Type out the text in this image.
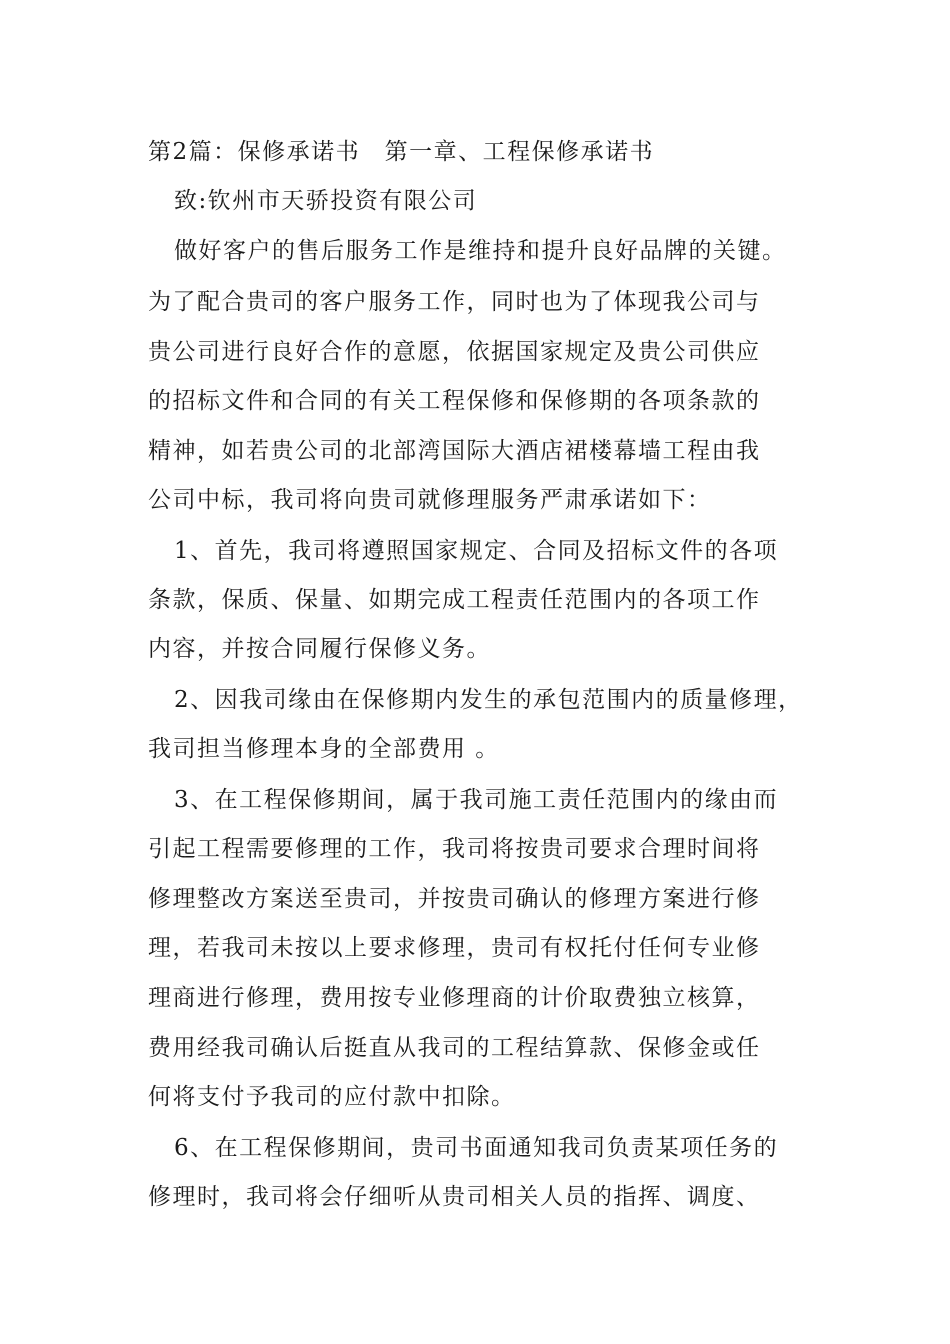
第2篇：保修承诺书　第一章、工程保修承诺书
致:钦州市天骄投资有限公司
做好客户的售后服务工作是维持和提升良好品牌的关键。
为了配合贵司的客户服务工作，同时也为了体现我公司与
贵公司进行良好合作的意愿，依据国家规定及贵公司供应
的招标文件和合同的有关工程保修和保修期的各项条款的
精神，如若贵公司的北部湾国际大酒店裙楼幕墙工程由我
公司中标，我司将向贵司就修理服务严肃承诺如下：
1、首先，我司将遵照国家规定、合同及招标文件的各项
条款，保质、保量、如期完成工程责任范围内的各项工作
内容，并按合同履行保修义务。
2、因我司缘由在保修期内发生的承包范围内的质量修理，
我司担当修理本身的全部费用 。
3、在工程保修期间，属于我司施工责任范围内的缘由而
引起工程需要修理的工作，我司将按贵司要求合理时间将
修理整改方案送至贵司，并按贵司确认的修理方案进行修
理，若我司未按以上要求修理，贵司有权托付任何专业修
理商进行修理，费用按专业修理商的计价取费独立核算，
费用经我司确认后挺直从我司的工程结算款、保修金或任
何将支付予我司的应付款中扣除。
6、在工程保修期间，贵司书面通知我司负责某项任务的
修理时，我司将会仔细听从贵司相关人员的指挥、调度、
